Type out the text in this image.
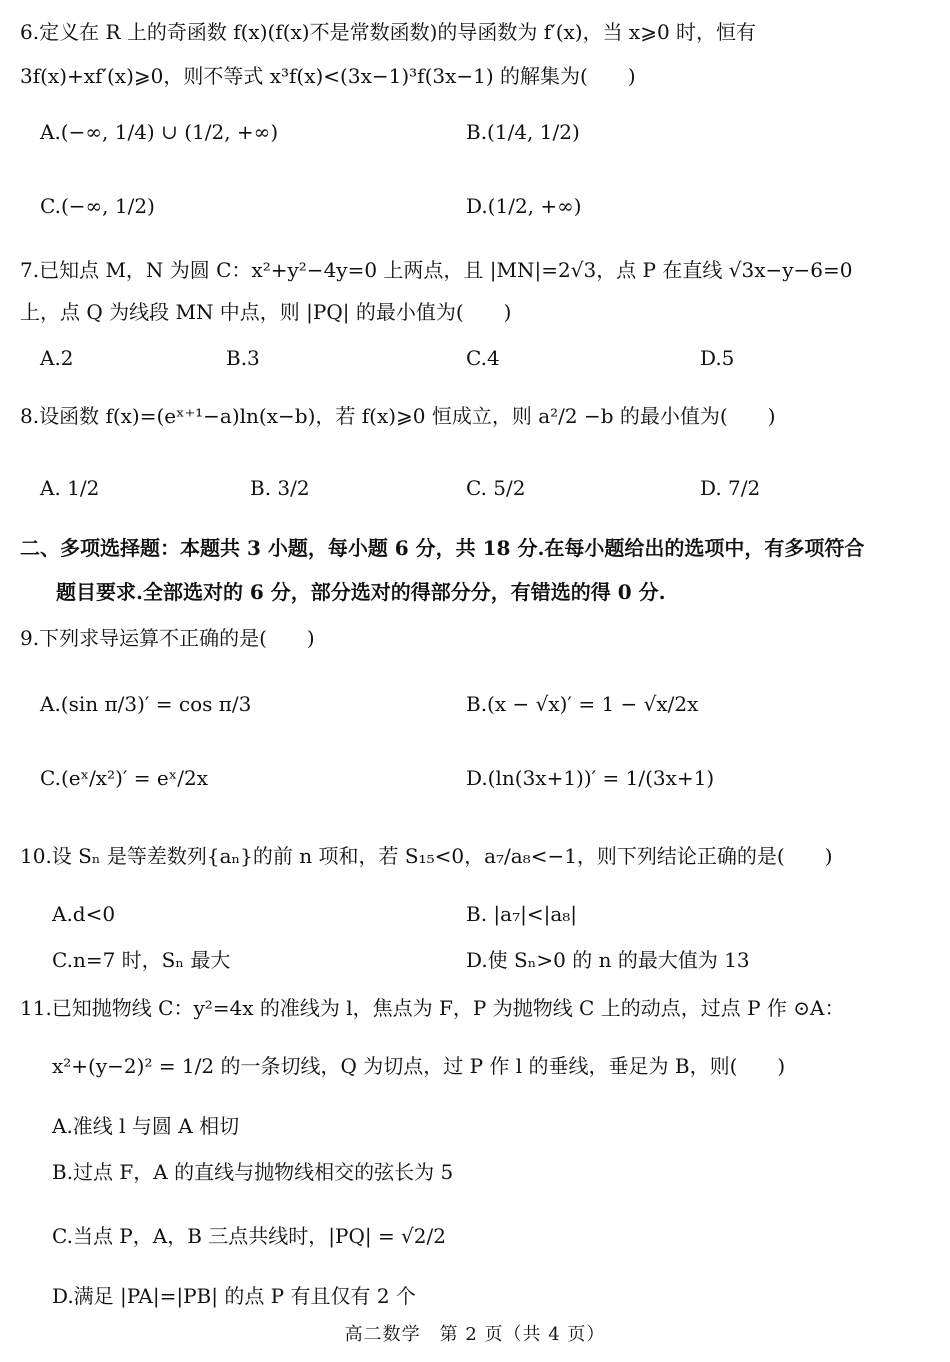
6.定义在 R 上的奇函数 f(x)(f(x)不是常数函数)的导函数为 f′(x)，当 x⩾0 时，恒有
3f(x)+xf′(x)⩾0，则不等式 x³f(x)<(3x−1)³f(3x−1) 的解集为(　　)
A.(−∞, 1/4) ∪ (1/2, +∞)	B.(1/4, 1/2)
C.(−∞, 1/2)	D.(1/2, +∞)
7.已知点 M，N 为圆 C：x²+y²−4y=0 上两点，且 |MN|=2√3，点 P 在直线 √3x−y−6=0
上，点 Q 为线段 MN 中点，则 |PQ| 的最小值为(　　)
A.2	B.3	C.4	D.5
8.设函数 f(x)=(eˣ⁺¹−a)ln(x−b)，若 f(x)⩾0 恒成立，则 a²/2 −b 的最小值为(　　)
A. 1/2	B. 3/2	C. 5/2	D. 7/2
二、多项选择题：本题共 3 小题，每小题 6 分，共 18 分.在每小题给出的选项中，有多项符合
题目要求.全部选对的 6 分，部分选对的得部分分，有错选的得 0 分.
9.下列求导运算不正确的是(　　)
A.(sin π/3)′ = cos π/3	B.(x − √x)′ = 1 − √x/2x
C.(eˣ/x²)′ = eˣ/2x	D.(ln(3x+1))′ = 1/(3x+1)
10.设 Sₙ 是等差数列{aₙ}的前 n 项和，若 S₁₅<0，a₇/a₈<−1，则下列结论正确的是(　　)
A.d<0	B. |a₇|<|a₈|
C.n=7 时，Sₙ 最大	D.使 Sₙ>0 的 n 的最大值为 13
11.已知抛物线 C：y²=4x 的准线为 l，焦点为 F，P 为抛物线 C 上的动点，过点 P 作 ⊙A：
x²+(y−2)² = 1/2 的一条切线，Q 为切点，过 P 作 l 的垂线，垂足为 B，则(　　)
A.准线 l 与圆 A 相切
B.过点 F，A 的直线与抛物线相交的弦长为 5
C.当点 P，A，B 三点共线时，|PQ| = √2/2
D.满足 |PA|=|PB| 的点 P 有且仅有 2 个
高二数学　第 2 页（共 4 页）
